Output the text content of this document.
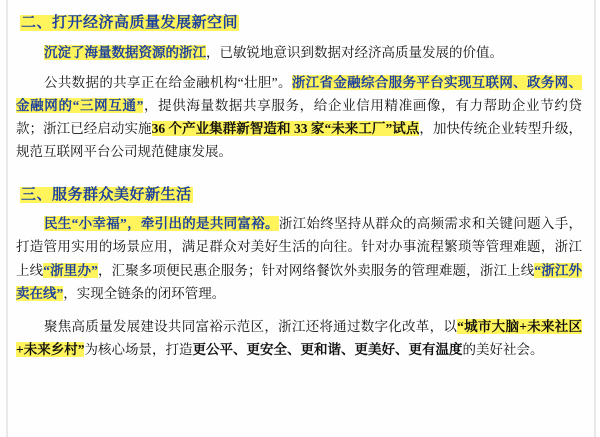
二、打开经济高质量发展新空间

沉淀了海量数据资源的浙江，已敏锐地意识到数据对经济高质量发展的价值。

公共数据的共享正在给金融机构“壮胆”。浙江省金融综合服务平台实现互联网、政务网、金融网的“三网互通”，提供海量数据共享服务，给企业信用精准画像，有力帮助企业节约贷款；浙江已经启动实施36 个产业集群新智造和 33 家“未来工厂”试点，加快传统企业转型升级，规范互联网平台公司规范健康发展。

三、服务群众美好新生活

民生“小幸福”，牵引出的是共同富裕。浙江始终坚持从群众的高频需求和关键问题入手，打造管用实用的场景应用，满足群众对美好生活的向往。针对办事流程繁琐等管理难题，浙江上线“浙里办”，汇聚多项便民惠企服务；针对网络餐饮外卖服务的管理难题，浙江上线“浙江外卖在线”，实现全链条的闭环管理。

聚焦高质量发展建设共同富裕示范区，浙江还将通过数字化改革，以“城市大脑+未来社区+未来乡村”为核心场景，打造更公平、更安全、更和谐、更美好、更有温度的美好社会。
